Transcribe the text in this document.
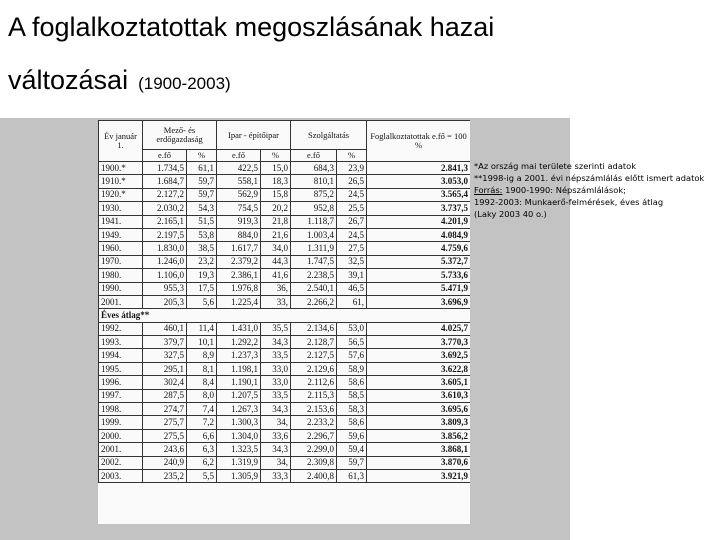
A foglalkoztatottak megoszlásának hazai
változásai (1900-2003)
Év január 1.	Mező- és erdőgazdaság		Ipar - építőipar		Szolgáltatás		Foglalkoztatottak e.fő = 100 %
	e.fő	%	e.fő	%	e.fő	%	
1900.*	1.734,5	61,1	422,5	15,0	684,3	23,9	2.841,3
1910.*	1.684,7	59,7	558,1	18,3	810,1	26,5	3.053,0
1920.*	2.127,2	59,7	562,9	15,8	875,2	24,5	3.565,4
1930.	2.030,2	54,3	754,5	20,2	952,8	25,5	3.737,5
1941.	2.165,1	51,5	919,3	21,8	1.118,7	26,7	4.201,9
1949.	2.197,5	53,8	884,0	21,6	1.003,4	24,5	4.084,9
1960.	1.830,0	38,5	1.617,7	34,0	1.311,9	27,5	4.759,6
1970.	1.246,0	23,2	2.379,2	44,3	1.747,5	32,5	5.372,7
1980.	1.106,0	19,3	2.386,1	41,6	2.238,5	39,1	5.733,6
1990.	955,3	17,5	1.976,8	36,	2.540,1	46,5	5.471,9
2001.	205,3	5,6	1.225,4	33,	2.266,2	61,	3.696,9
Éves átlag**							
1992.	460,1	11,4	1.431,0	35,5	2.134,6	53,0	4.025,7
1993.	379,7	10,1	1.292,2	34,3	2.128,7	56,5	3.770,3
1994.	327,5	8,9	1.237,3	33,5	2.127,5	57,6	3.692,5
1995.	295,1	8,1	1.198,1	33,0	2.129,6	58,9	3.622,8
1996.	302,4	8,4	1.190,1	33,0	2.112,6	58,6	3.605,1
1997.	287,5	8,0	1.207,5	33,5	2.115,3	58,5	3.610,3
1998.	274,7	7,4	1.267,3	34,3	2.153,6	58,3	3.695,6
1999.	275,7	7,2	1.300,3	34,	2.233,2	58,6	3.809,3
2000.	275,5	6,6	1.304,0	33,6	2.296,7	59,6	3.856,2
2001.	243,6	6,3	1.323,5	34,3	2.299,0	59,4	3.868,1
2002.	240,9	6,2	1.319,9	34,	2.309,8	59,7	3.870,6
2003.	235,2	5,5	1.305,9	33,3	2.400,8	61,3	3.921,9
*Az ország mai területe szerinti adatok
**1998-ig a 2001. évi népszámlálás előtt ismert adatok
Forrás: 1900-1990: Népszámlálások;
1992-2003: Munkaerő-felmérések, éves átlag
(Laky 2003 40 o.)
